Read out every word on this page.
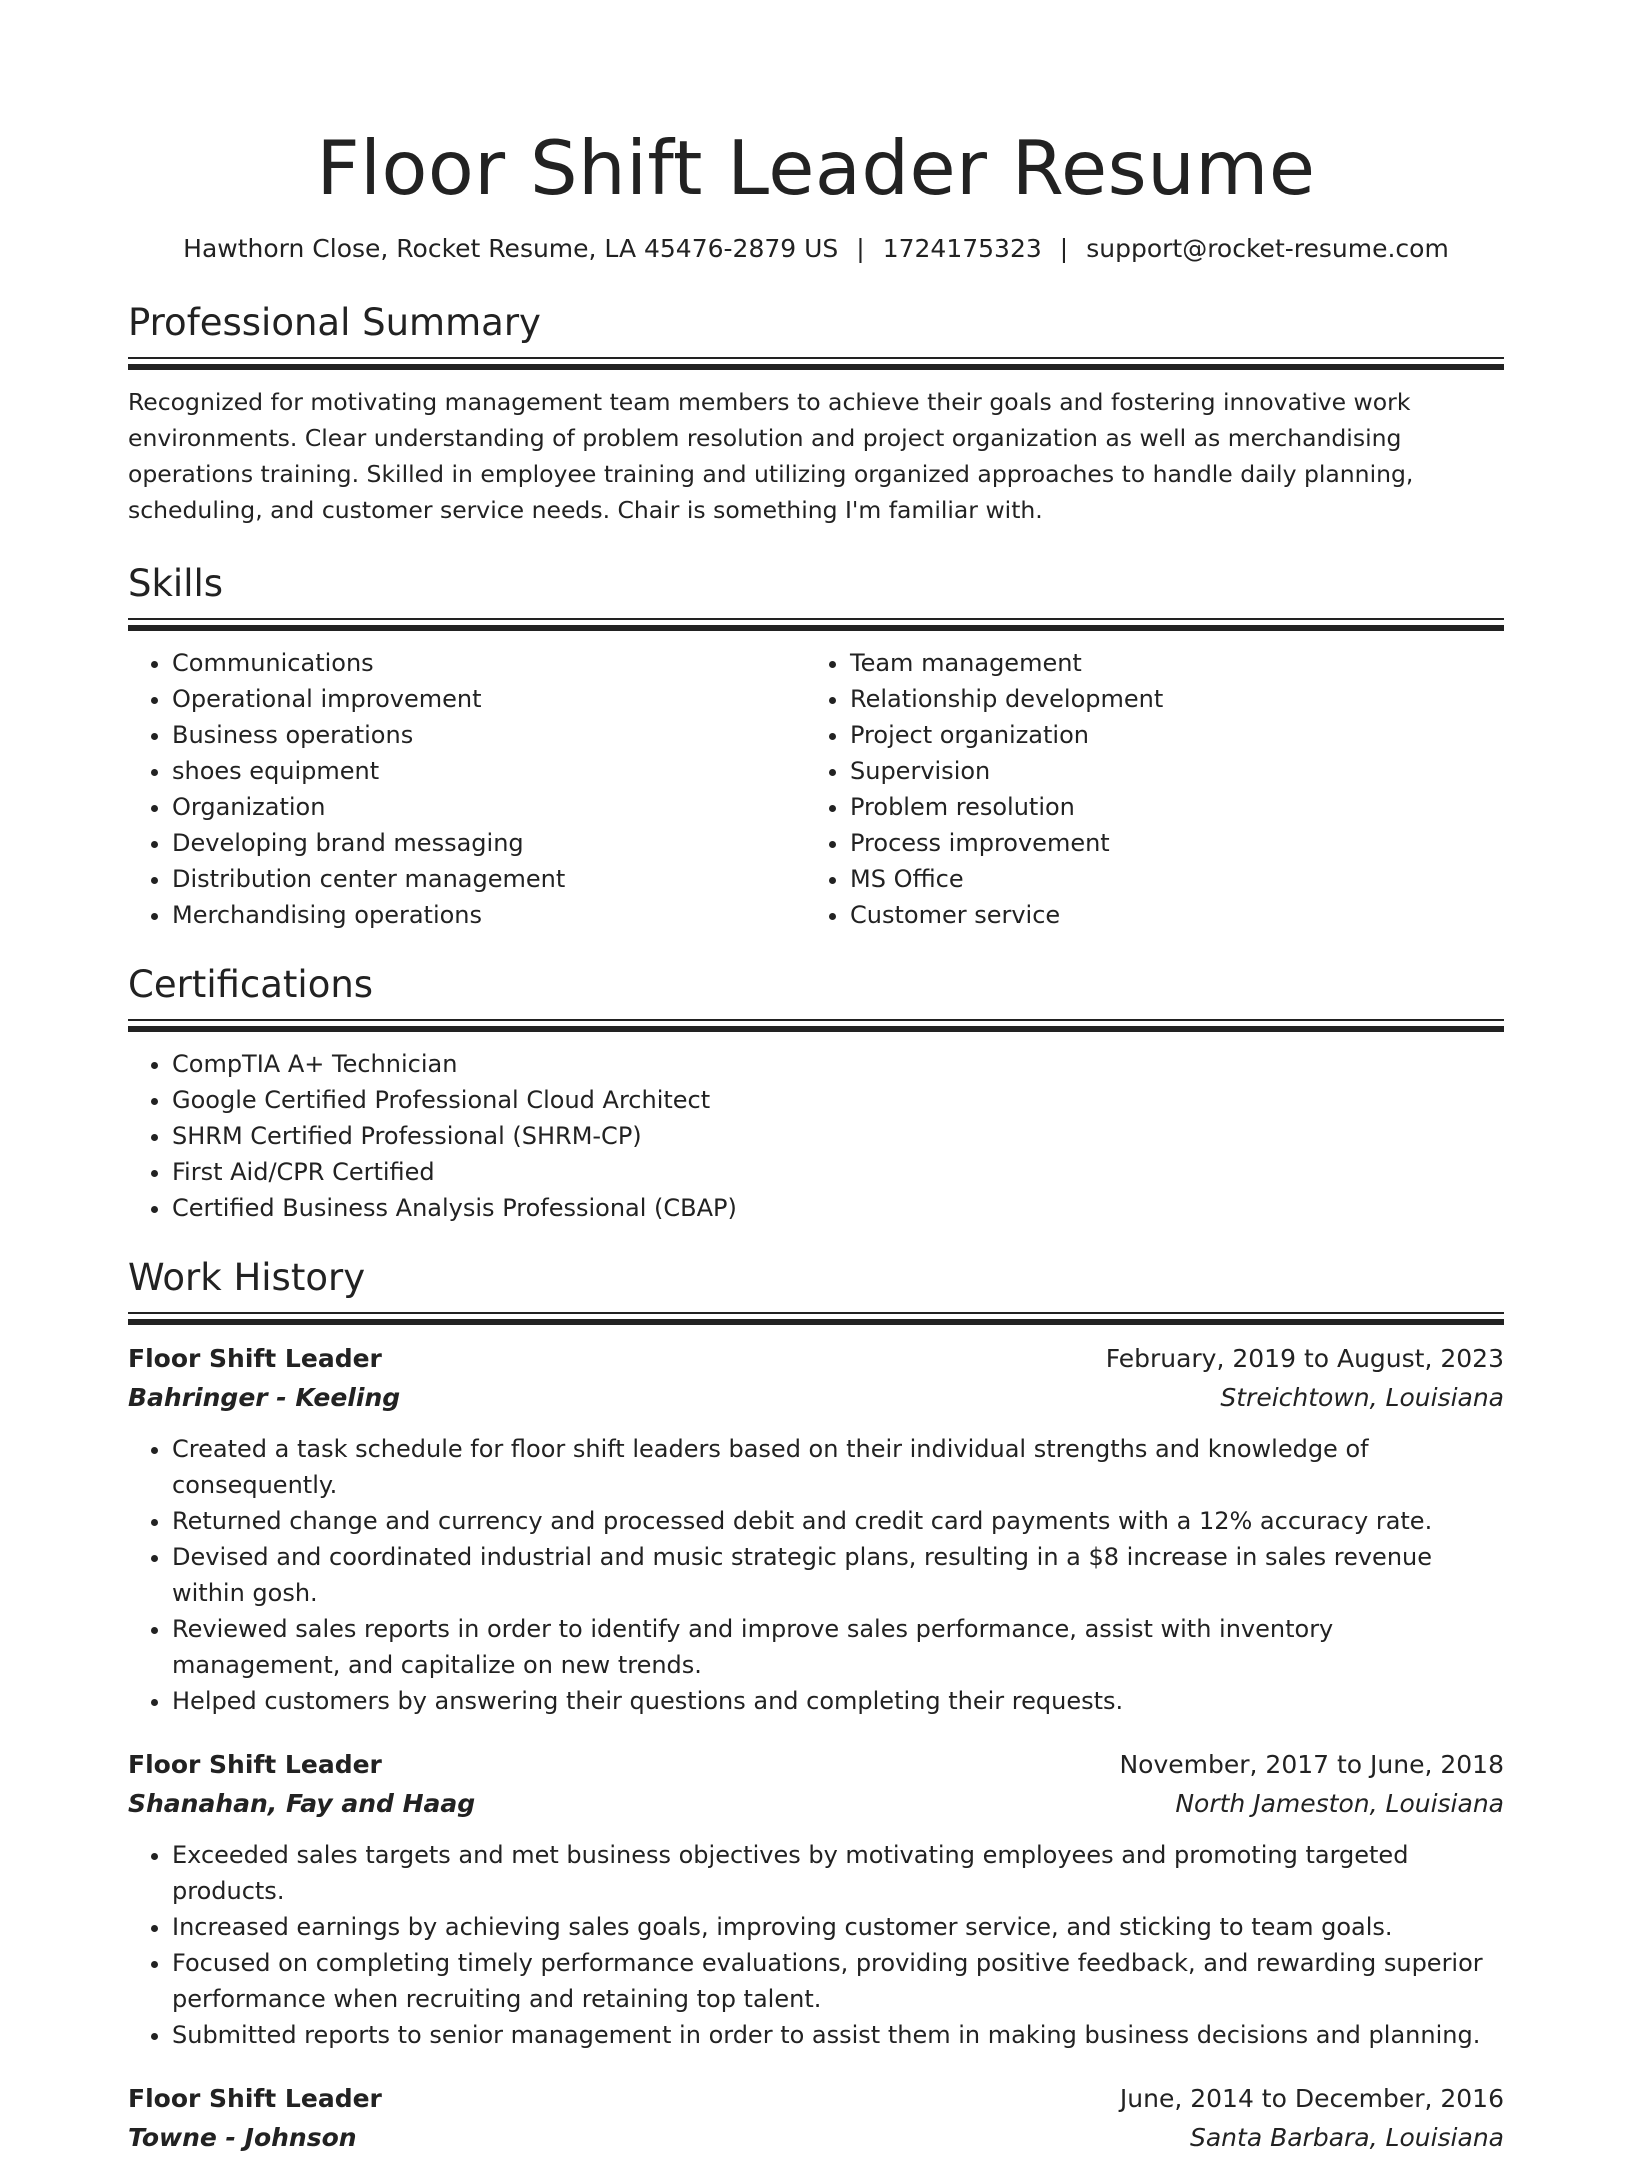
Floor Shift Leader Resume
Hawthorn Close, Rocket Resume, LA 45476-2879 US | 1724175323 | support@rocket-resume.com
Professional Summary

Recognized for motivating management team members to achieve their goals and fostering innovative work environments. Clear understanding of problem resolution and project organization as well as merchandising operations training. Skilled in employee training and utilizing organized approaches to handle daily planning, scheduling, and customer service needs. Chair is something I'm familiar with.

Skills
• Communications
• Operational improvement
• Business operations
• shoes equipment
• Organization
• Developing brand messaging
• Distribution center management
• Merchandising operations
• Team management
• Relationship development
• Project organization
• Supervision
• Problem resolution
• Process improvement
• MS Office
• Customer service
Certifications
• CompTIA A+ Technician
• Google Certified Professional Cloud Architect
• SHRM Certified Professional (SHRM-CP)
• First Aid/CPR Certified
• Certified Business Analysis Professional (CBAP)
Work History
Floor Shift Leader	February, 2019 to August, 2023
Bahringer - Keeling	Streichtown, Louisiana
• Created a task schedule for floor shift leaders based on their individual strengths and knowledge of consequently.
• Returned change and currency and processed debit and credit card payments with a 12% accuracy rate.
• Devised and coordinated industrial and music strategic plans, resulting in a $8 increase in sales revenue within gosh.
• Reviewed sales reports in order to identify and improve sales performance, assist with inventory management, and capitalize on new trends.
• Helped customers by answering their questions and completing their requests.
Floor Shift Leader	November, 2017 to June, 2018
Shanahan, Fay and Haag	North Jameston, Louisiana
• Exceeded sales targets and met business objectives by motivating employees and promoting targeted products.
• Increased earnings by achieving sales goals, improving customer service, and sticking to team goals.
• Focused on completing timely performance evaluations, providing positive feedback, and rewarding superior performance when recruiting and retaining top talent.
• Submitted reports to senior management in order to assist them in making business decisions and planning.
Floor Shift Leader	June, 2014 to December, 2016
Towne - Johnson	Santa Barbara, Louisiana
